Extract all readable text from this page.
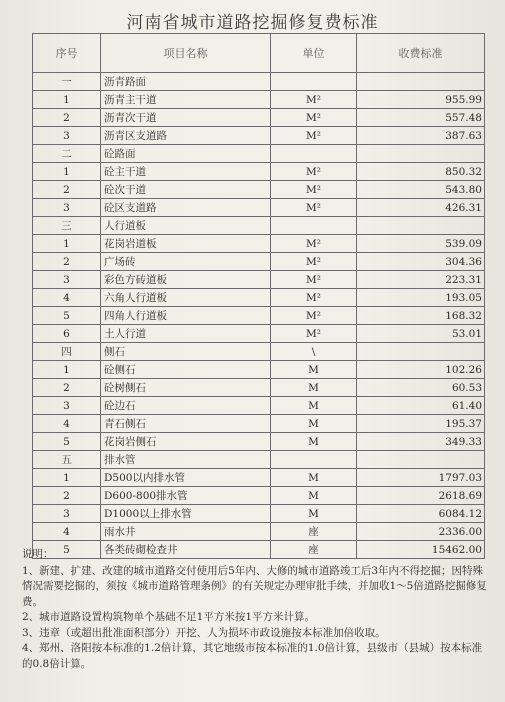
河南省城市道路挖掘修复费标准
序号	项目名称	单位	收费标准
一	沥青路面		
1	沥青主干道	M²	955.99
2	沥青次干道	M²	557.48
3	沥青区支道路	M²	387.63
二	砼路面		
1	砼主干道	M²	850.32
2	砼次干道	M²	543.80
3	砼区支道路	M²	426.31
三	人行道板		
1	花岗岩道板	M²	539.09
2	广场砖	M²	304.36
3	彩色方砖道板	M²	223.31
4	六角人行道板	M²	193.05
5	四角人行道板	M²	168.32
6	土人行道	M²	53.01
四	侧石	\	
1	砼侧石	M	102.26
2	砼树侧石	M	60.53
3	砼边石	M	61.40
4	青石侧石	M	195.37
5	花岗岩侧石	M	349.33
五	排水管		
1	D500以内排水管	M	1797.03
2	D600-800排水管	M	2618.69
3	D1000以上排水管	M	6084.12
4	雨水井	座	2336.00
5	各类砖砌检查井	座	15462.00

说明：

1、新建、扩建、改建的城市道路交付使用后5年内、大修的城市道路竣工后3年内不得挖掘；因特殊情况需要挖掘的，须按《城市道路管理条例》的有关规定办理审批手续，并加收1～5倍道路挖掘修复费。

2、城市道路设置构筑物单个基础不足1平方米按1平方米计算。

3、违章（或超出批准面积部分）开挖、人为损坏市政设施按本标准加倍收取。

4、郑州、洛阳按本标准的1.2倍计算，其它地级市按本标准的1.0倍计算，县级市（县城）按本标准的0.8倍计算。
